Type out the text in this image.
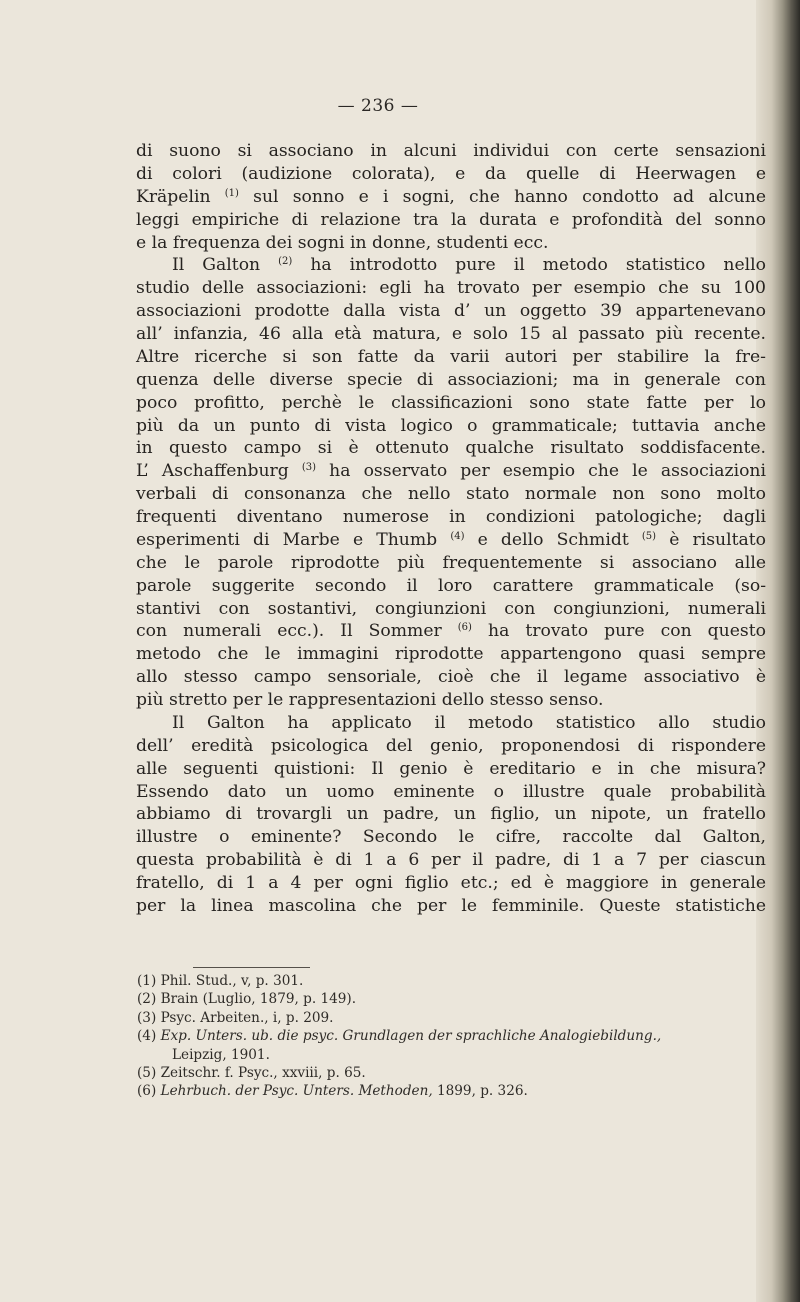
— 236 —
di suono si associano in alcuni individui con certe sensazioni
di colori (audizione colorata), e da quelle di Heerwagen e
Kräpelin $^{(1)}$ sul sonno e i sogni, che hanno condotto ad alcune
leggi empiriche di relazione tra la durata e profondità del sonno
e la frequenza dei sogni in donne, studenti ecc.
Il Galton $^{(2)}$ ha introdotto pure il metodo statistico nello
studio delle associazioni: egli ha trovato per esempio che su 100
associazioni prodotte dalla vista d’ un oggetto 39 appartenevano
all’ infanzia, 46 alla età matura, e solo 15 al passato più recente.
Altre ricerche si son fatte da varii autori per stabilire la fre-
quenza delle diverse specie di associazioni; ma in generale con
poco profitto, perchè le classificazioni sono state fatte per lo
più da un punto di vista logico o grammaticale; tuttavia anche
in questo campo si è ottenuto qualche risultato soddisfacente.
L’ Aschaffenburg $^{(3)}$ ha osservato per esempio che le associazioni
verbali di consonanza che nello stato normale non sono molto
frequenti diventano numerose in condizioni patologiche; dagli
esperimenti di Marbe e Thumb $^{(4)}$ e dello Schmidt $^{(5)}$ è risultato
che le parole riprodotte più frequentemente si associano alle
parole suggerite secondo il loro carattere grammaticale (so-
stantivi con sostantivi, congiunzioni con congiunzioni, numerali
con numerali ecc.). Il Sommer $^{(6)}$ ha trovato pure con questo
metodo che le immagini riprodotte appartengono quasi sempre
allo stesso campo sensoriale, cioè che il legame associativo è
più stretto per le rappresentazioni dello stesso senso.
Il Galton ha applicato il metodo statistico allo studio
dell’ eredità psicologica del genio, proponendosi di rispondere
alle seguenti quistioni: Il genio è ereditario e in che misura?
Essendo dato un uomo eminente o illustre quale probabilità
abbiamo di trovargli un padre, un figlio, un nipote, un fratello
illustre o eminente? Secondo le cifre, raccolte dal Galton,
questa probabilità è di 1 a 6 per il padre, di 1 a 7 per ciascun
fratello, di 1 a 4 per ogni figlio etc.; ed è maggiore in generale
per la linea mascolina che per le femminile. Queste statistiche
(1) Phil. Stud., v, p. 301.
(2) Brain (Luglio, 1879, p. 149).
(3) Psyc. Arbeiten., i, p. 209.
(4) Exp. Unters. ub. die psyc. Grundlagen der sprachliche Analogiebildung.,
Leipzig, 1901.
(5) Zeitschr. f. Psyc., xxviii, p. 65.
(6) Lehrbuch. der Psyc. Unters. Methoden, 1899, p. 326.
